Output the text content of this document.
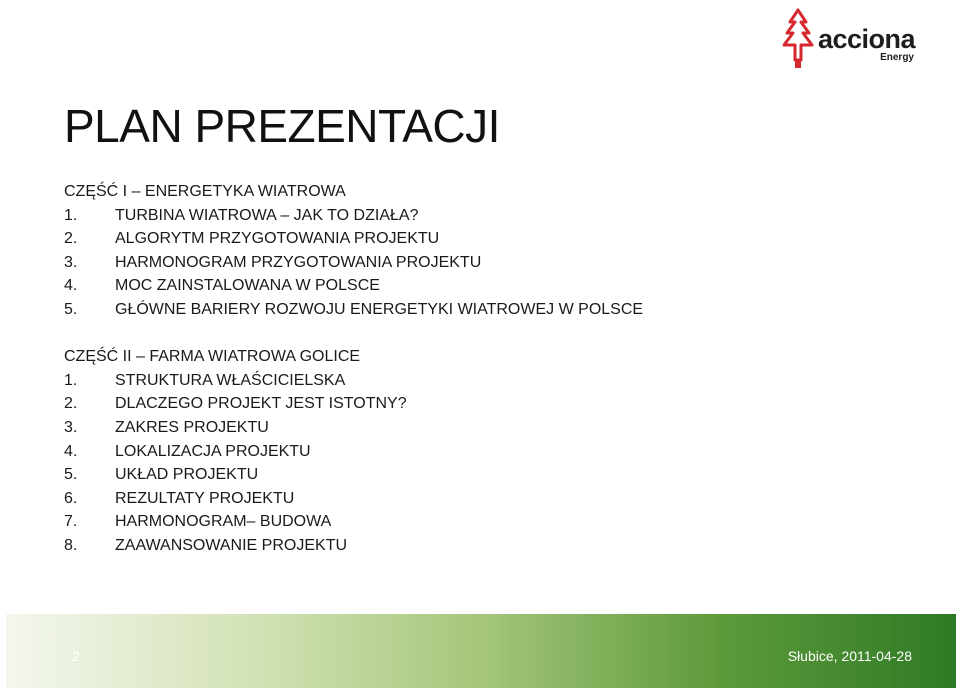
acciona
Energy
PLAN PREZENTACJI
CZĘŚĆ I – ENERGETYKA WIATROWA
1. TURBINA WIATROWA – JAK TO DZIAŁA?
2. ALGORYTM PRZYGOTOWANIA PROJEKTU
3. HARMONOGRAM PRZYGOTOWANIA PROJEKTU
4. MOC ZAINSTALOWANA W POLSCE
5. GŁÓWNE BARIERY ROZWOJU ENERGETYKI WIATROWEJ W POLSCE
CZĘŚĆ II – FARMA WIATROWA GOLICE
1. STRUKTURA WŁAŚCICIELSKA
2. DLACZEGO PROJEKT JEST ISTOTNY?
3. ZAKRES PROJEKTU
4. LOKALIZACJA PROJEKTU
5. UKŁAD PROJEKTU
6. REZULTATY PROJEKTU
7. HARMONOGRAM– BUDOWA
8. ZAAWANSOWANIE PROJEKTU
2	Słubice, 2011-04-28
